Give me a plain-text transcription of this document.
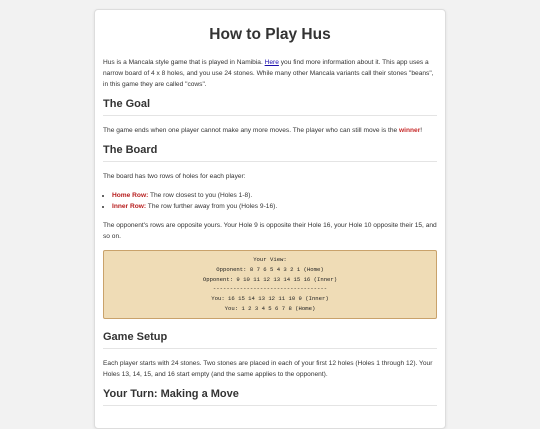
How to Play Hus

Hus is a Mancala style game that is played in Namibia. Here you find more information about it. This app uses a narrow board of 4 x 8 holes, and you use 24 stones. While many other Mancala variants call their stones "beans", in this game they are called "cows".

The Goal

The game ends when one player cannot make any more moves. The player who can still move is the winner!

The Board

The board has two rows of holes for each player:

• Home Row: The row closest to you (Holes 1-8).
• Inner Row: The row further away from you (Holes 9-16).

The opponent's rows are opposite yours. Your Hole 9 is opposite their Hole 16, your Hole 10 opposite their 15, and so on.

Your View:
Opponent: 8 7 6 5 4 3 2 1 (Home)
Opponent: 9 10 11 12 13 14 15 16 (Inner)
----------------------------------
You: 16 15 14 13 12 11 10 9 (Inner)
You: 1 2 3 4 5 6 7 8 (Home)
Game Setup

Each player starts with 24 stones. Two stones are placed in each of your first 12 holes (Holes 1 through 12). Your Holes 13, 14, 15, and 16 start empty (and the same applies to the opponent).

Your Turn: Making a Move
